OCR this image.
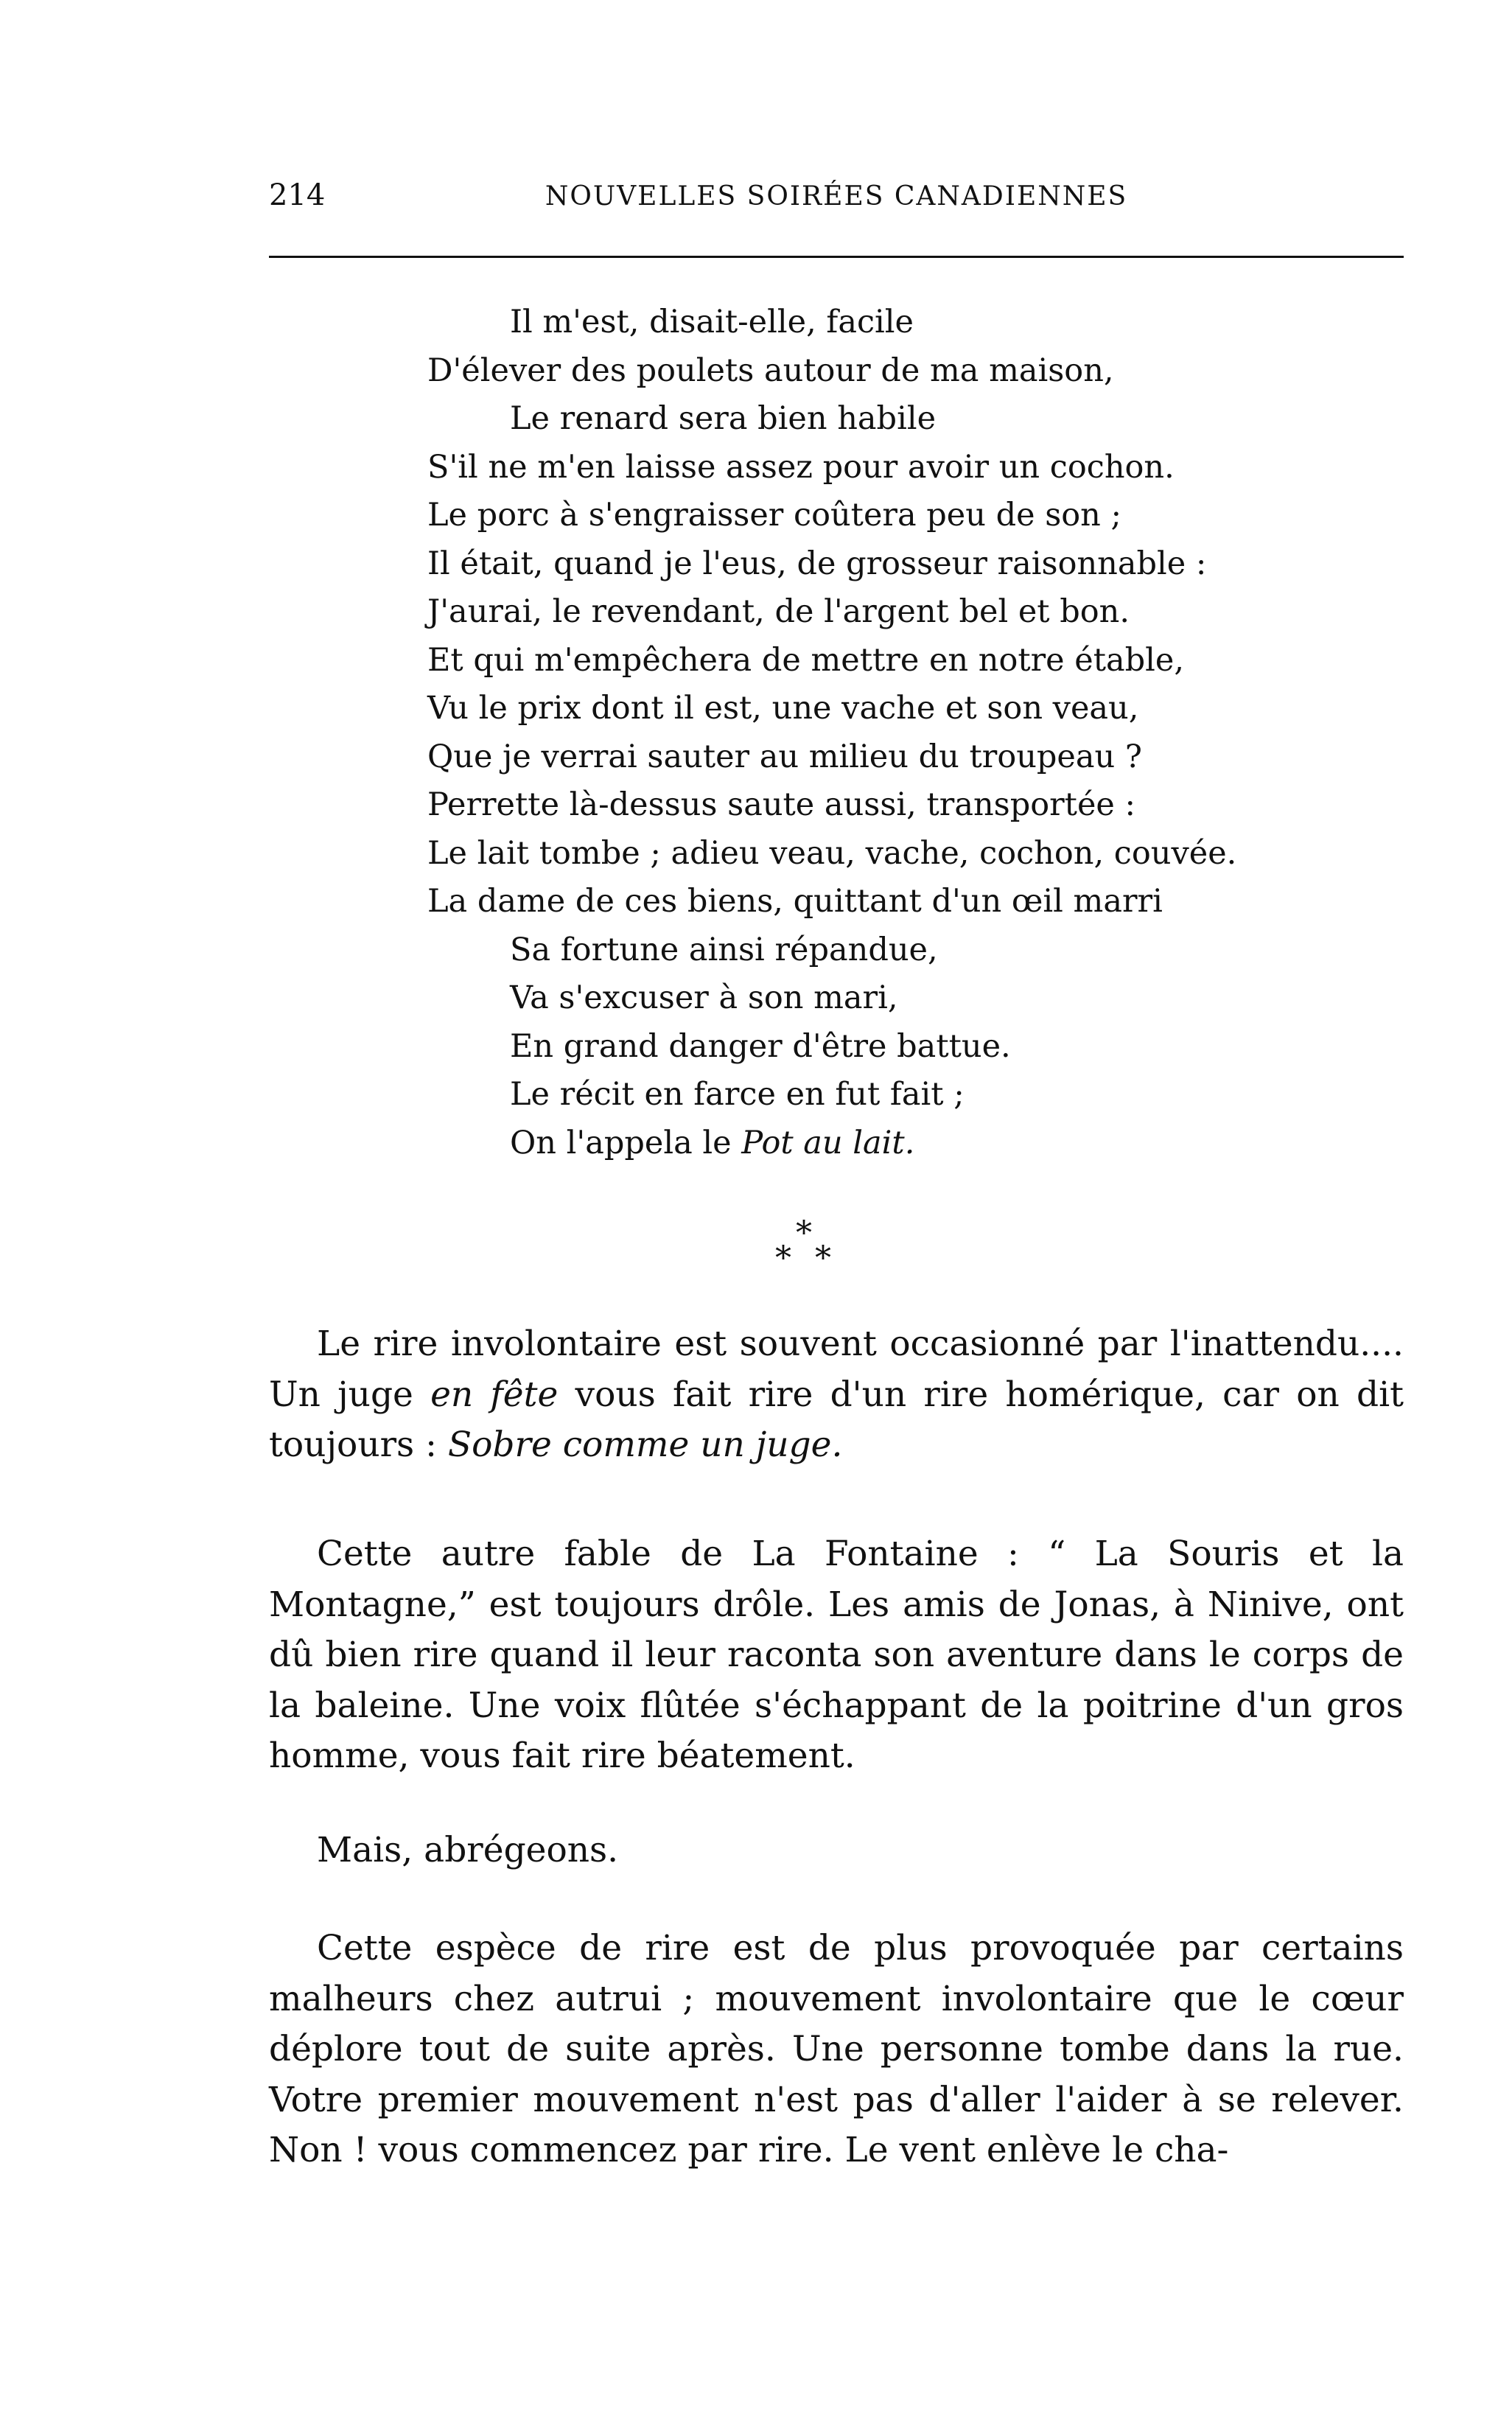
214	NOUVELLES SOIRÉES CANADIENNES
Il m'est, disait-elle, facile
D'élever des poulets autour de ma maison,
Le renard sera bien habile
S'il ne m'en laisse assez pour avoir un cochon.
Le porc à s'engraisser coûtera peu de son ;
Il était, quand je l'eus, de grosseur raisonnable :
J'aurai, le revendant, de l'argent bel et bon.
Et qui m'empêchera de mettre en notre étable,
Vu le prix dont il est, une vache et son veau,
Que je verrai sauter au milieu du troupeau ?
Perrette là-dessus saute aussi, transportée :
Le lait tombe ; adieu veau, vache, cochon, couvée.
La dame de ces biens, quittant d'un œil marri
Sa fortune ainsi répandue,
Va s'excuser à son mari,
En grand danger d'être battue.
Le récit en farce en fut fait ;
On l'appela le Pot au lait.
*
* *
Le rire involontaire est souvent occasionné par l'inattendu.... Un juge en fête vous fait rire d'un rire homérique, car on dit toujours : Sobre comme un juge.
Cette autre fable de La Fontaine : “ La Souris et la Montagne,” est toujours drôle. Les amis de Jonas, à Ninive, ont dû bien rire quand il leur raconta son aventure dans le corps de la baleine. Une voix flûtée s'échappant de la poitrine d'un gros homme, vous fait rire béatement.
Mais, abrégeons.
Cette espèce de rire est de plus provoquée par certains malheurs chez autrui ; mouvement involontaire que le cœur déplore tout de suite après. Une personne tombe dans la rue. Votre premier mouvement n'est pas d'aller l'aider à se relever. Non ! vous commencez par rire. Le vent enlève le cha-
